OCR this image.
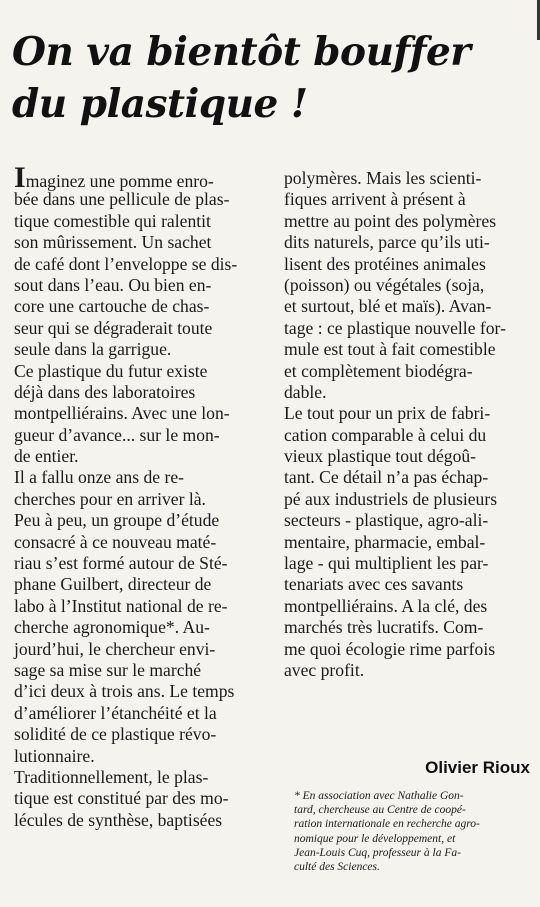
On va bientôt bouffer
du plastique !
Imaginez une pomme enro-
bée dans une pellicule de plas-
tique comestible qui ralentit
son mûrissement. Un sachet
de café dont l’enveloppe se dis-
sout dans l’eau. Ou bien en-
core une cartouche de chas-
seur qui se dégraderait toute
seule dans la garrigue.
Ce plastique du futur existe
déjà dans des laboratoires
montpelliérains. Avec une lon-
gueur d’avance... sur le mon-
de entier.
Il a fallu onze ans de re-
cherches pour en arriver là.
Peu à peu, un groupe d’étude
consacré à ce nouveau maté-
riau s’est formé autour de Sté-
phane Guilbert, directeur de
labo à l’Institut national de re-
cherche agronomique*. Au-
jourd’hui, le chercheur envi-
sage sa mise sur le marché
d’ici deux à trois ans. Le temps
d’améliorer l’étanchéité et la
solidité de ce plastique révo-
lutionnaire.
Traditionnellement, le plas-
tique est constitué par des mo-
lécules de synthèse, baptisées
polymères. Mais les scienti-
fiques arrivent à présent à
mettre au point des polymères
dits naturels, parce qu’ils uti-
lisent des protéines animales
(poisson) ou végétales (soja,
et surtout, blé et maïs). Avan-
tage : ce plastique nouvelle for-
mule est tout à fait comestible
et complètement biodégra-
dable.
Le tout pour un prix de fabri-
cation comparable à celui du
vieux plastique tout dégoû-
tant. Ce détail n’a pas échap-
pé aux industriels de plusieurs
secteurs - plastique, agro-ali-
mentaire, pharmacie, embal-
lage - qui multiplient les par-
tenariats avec ces savants
montpelliérains. A la clé, des
marchés très lucratifs. Com-
me quoi écologie rime parfois
avec profit.
Olivier Rioux
* En association avec Nathalie Gon-
tard, chercheuse au Centre de coopé-
ration internationale en recherche agro-
nomique pour le développement, et
Jean-Louis Cuq, professeur à la Fa-
culté des Sciences.
